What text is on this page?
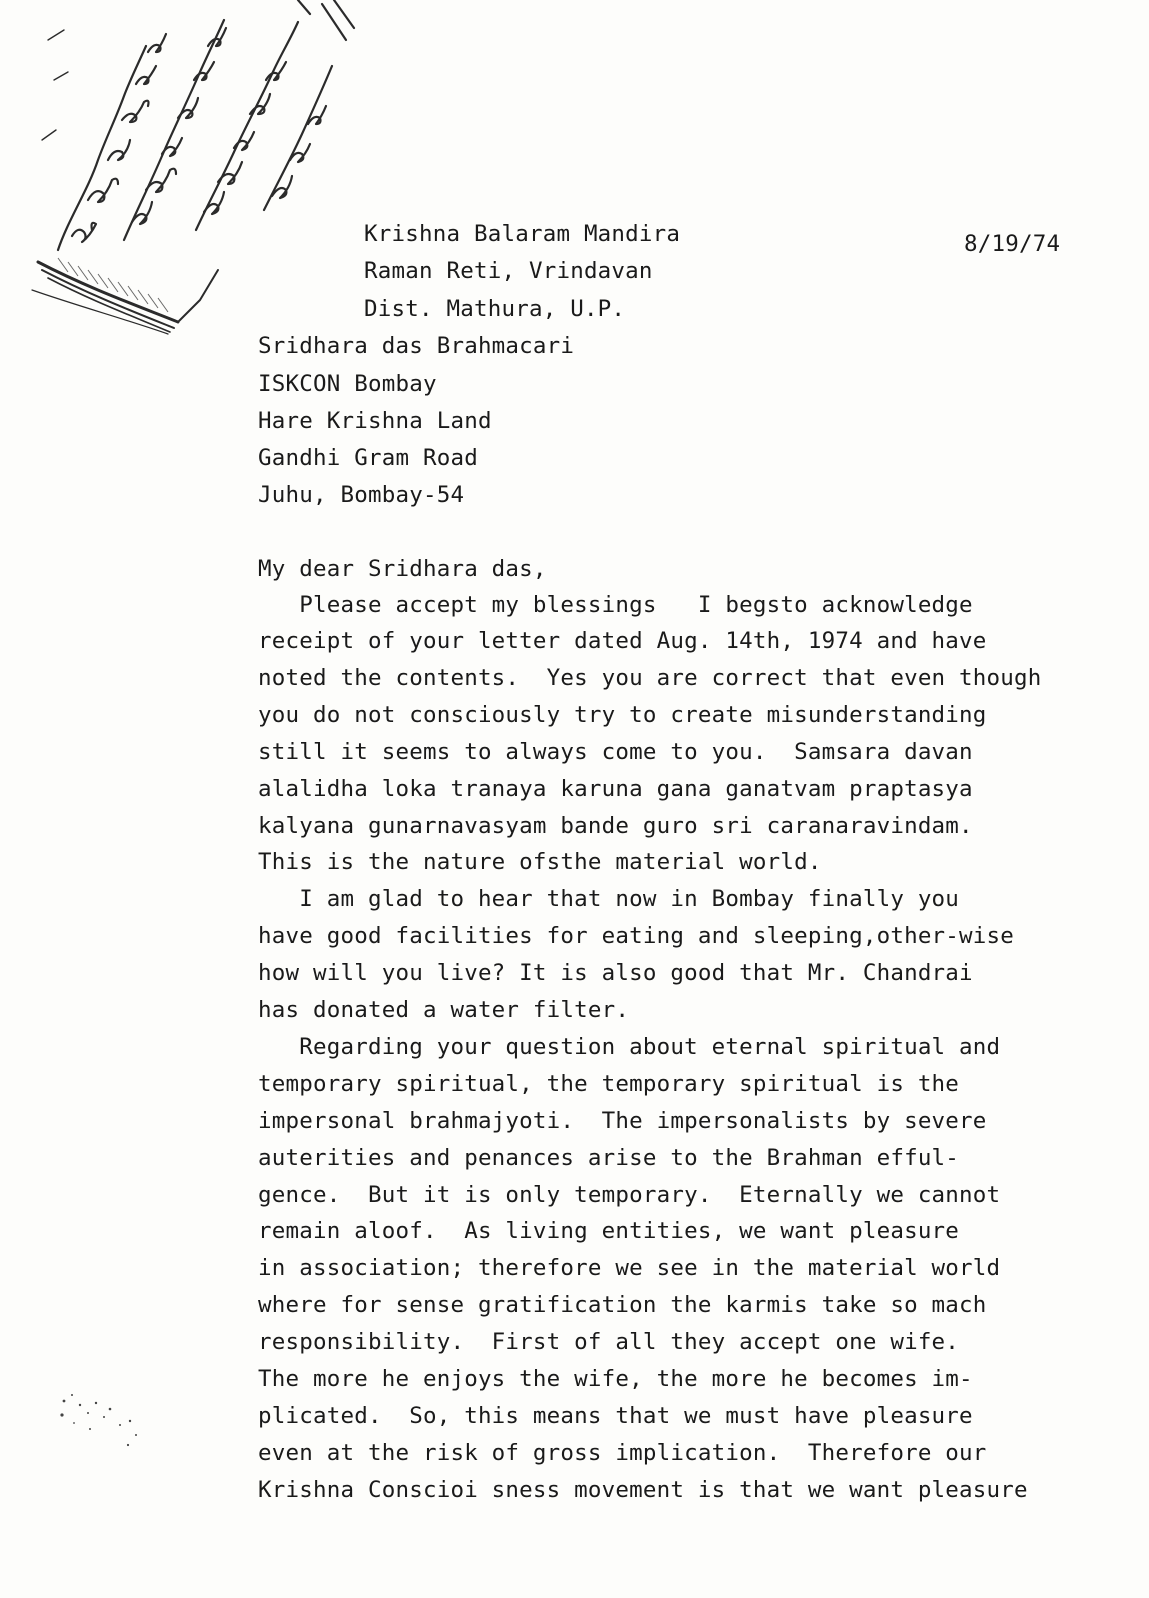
8/19/74
Krishna Balaram Mandira
Raman Reti, Vrindavan
Dist. Mathura, U.P.
Sridhara das Brahmacari
ISKCON Bombay
Hare Krishna Land
Gandhi Gram Road
Juhu, Bombay-54
My dear Sridhara das,
Please accept my blessings   I begsto acknowledge
receipt of your letter dated Aug. 14th, 1974 and have
noted the contents.  Yes you are correct that even though
you do not consciously try to create misunderstanding
still it seems to always come to you.  Samsara davan
alalidha loka tranaya karuna gana ganatvam praptasya
kalyana gunarnavasyam bande guro sri caranaravindam.
This is the nature ofsthe material world.
I am glad to hear that now in Bombay finally you
have good facilities for eating and sleeping,other-wise
how will you live? It is also good that Mr. Chandrai
has donated a water filter.
Regarding your question about eternal spiritual and
temporary spiritual, the temporary spiritual is the
impersonal brahmajyoti.  The impersonalists by severe
auterities and penances arise to the Brahman efful-
gence.  But it is only temporary.  Eternally we cannot
remain aloof.  As living entities, we want pleasure
in association; therefore we see in the material world
where for sense gratification the karmis take so mach
responsibility.  First of all they accept one wife.
The more he enjoys the wife, the more he becomes im-
plicated.  So, this means that we must have pleasure
even at the risk of gross implication.  Therefore our
Krishna Conscioi sness movement is that we want pleasure
